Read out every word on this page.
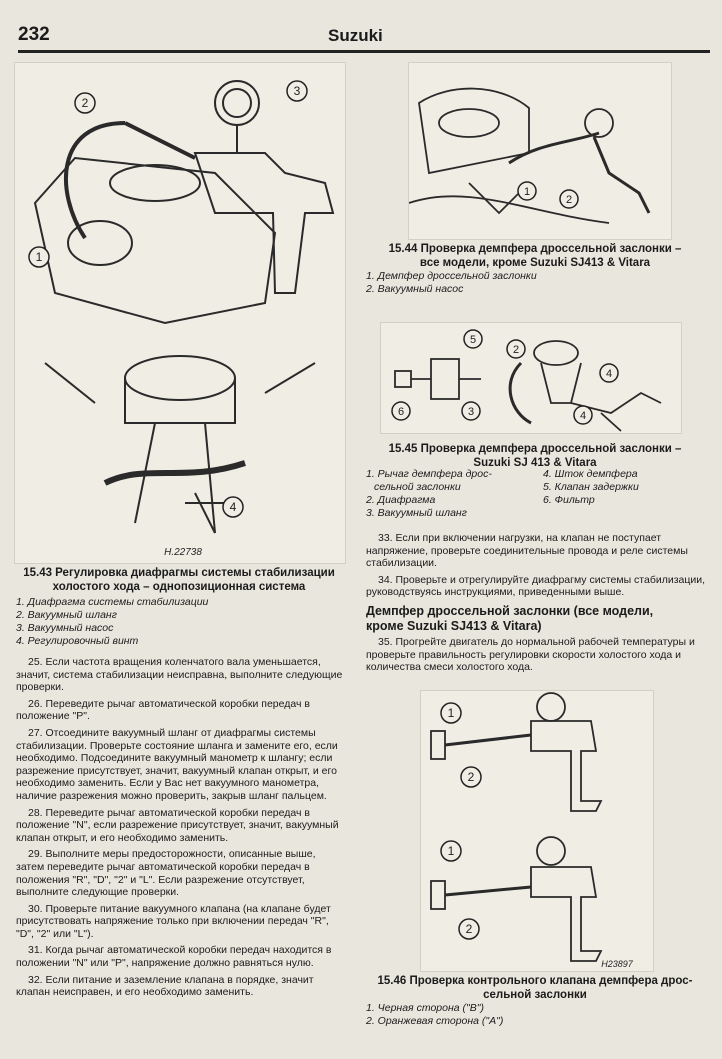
232	Suzuki
2
3
1
4
H.22738
15.43 Регулировка диафрагмы системы стабилизации
холостого хода – однопозиционная система
1. Диафрагма системы стабилизации
2. Вакуумный шланг
3. Вакуумный насос
4. Регулировочный винт

25. Если частота вращения коленчатого вала уменьшается, значит, система стабилизации неисправна, выполните следующие проверки.

26. Переведите рычаг автоматической коробки передач в положение "P".

27. Отсоедините вакуумный шланг от диафрагмы системы стабилизации. Проверьте состояние шланга и замените его, если необходимо. Подсоедините вакуумный манометр к шлангу; если разрежение присутствует, значит, вакуумный клапан открыт, и его необходимо заменить. Если у Вас нет вакуумного манометра, наличие разрежения можно проверить, закрыв шланг пальцем.

28. Переведите рычаг автоматической коробки передач в положение "N", если разрежение присутствует, значит, вакуумный клапан открыт, и его необходимо заменить.

29. Выполните меры предосторожности, описанные выше, затем переведите рычаг автоматической коробки передач в положения "R", "D", "2" и "L". Если разрежение отсутствует, выполните следующие проверки.

30. Проверьте питание вакуумного клапана (на клапане будет присутствовать напряжение только при включении передач "R", "D", "2" или "L").

31. Когда рычаг автоматической коробки передач находится в положении "N" или "P", напряжение должно равняться нулю.

32. Если питание и заземление клапана в порядке, значит клапан неисправен, и его необходимо заменить.

1
2
15.44 Проверка демпфера дроссельной заслонки –
все модели, кроме Suzuki SJ413 & Vitara
1. Демпфер дроссельной заслонки
2. Вакуумный насос
5
6	3
2
4
4
15.45 Проверка демпфера дроссельной заслонки –
Suzuki SJ 413 & Vitara
1. Рычаг демпфера дрос-
сельной заслонки
2. Диафрагма
3. Вакуумный шланг
4. Шток демпфера
5. Клапан задержки
6. Фильтр

33. Если при включении нагрузки, на клапан не поступает напряжение, проверьте соединительные провода и реле системы стабилизации.

34. Проверьте и отрегулируйте диафрагму системы стабилизации, руководствуясь инструкциями, приведенными выше.

Демпфер дроссельной заслонки (все модели,
кроме Suzuki SJ413 & Vitara)

35. Прогрейте двигатель до нормальной рабочей температуры и проверьте правильность регулировки скорости холостого хода и количества смеси холостого хода.

1
2
1
2
H23897
15.46 Проверка контрольного клапана демпфера дрос-
сельной заслонки
1. Черная сторона ("B")
2. Оранжевая сторона ("A")
